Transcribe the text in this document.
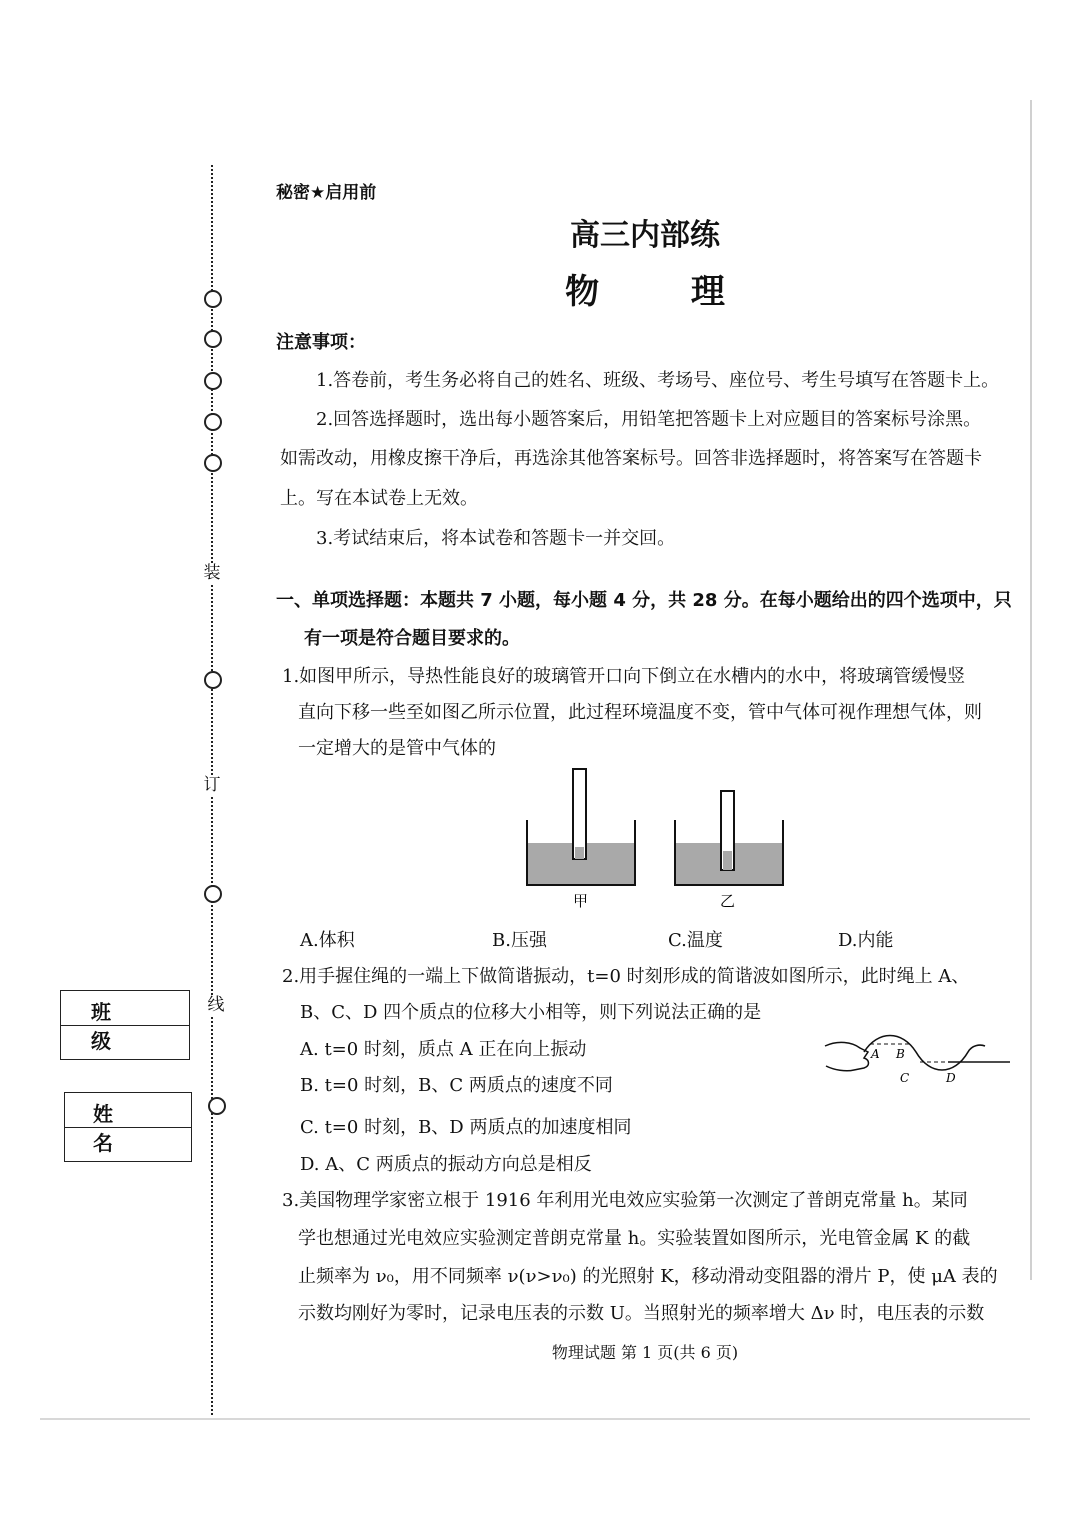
装
订
线
班 级
姓 名
秘密★启用前
高三内部练
物 理
注意事项：
1.答卷前，考生务必将自己的姓名、班级、考场号、座位号、考生号填写在答题卡上。
2.回答选择题时，选出每小题答案后，用铅笔把答题卡上对应题目的答案标号涂黑。
如需改动，用橡皮擦干净后，再选涂其他答案标号。回答非选择题时，将答案写在答题卡
上。写在本试卷上无效。
3.考试结束后，将本试卷和答题卡一并交回。
一、单项选择题：本题共 7 小题，每小题 4 分，共 28 分。在每小题给出的四个选项中，只
有一项是符合题目要求的。
1.如图甲所示，导热性能良好的玻璃管开口向下倒立在水槽内的水中，将玻璃管缓慢竖
直向下移一些至如图乙所示位置，此过程环境温度不变，管中气体可视作理想气体，则
一定增大的是管中气体的
甲	乙
A.体积	B.压强	C.温度	D.内能
2.用手握住绳的一端上下做简谐振动，t=0 时刻形成的简谐波如图所示，此时绳上 A、
B、C、D 四个质点的位移大小相等，则下列说法正确的是
A. t=0 时刻，质点 A 正在向上振动
B. t=0 时刻，B、C 两质点的速度不同
C. t=0 时刻，B、D 两质点的加速度相同
D. A、C 两质点的振动方向总是相反
A B
C	D
3.美国物理学家密立根于 1916 年利用光电效应实验第一次测定了普朗克常量 h。某同
学也想通过光电效应实验测定普朗克常量 h。实验装置如图所示，光电管金属 K 的截
止频率为 ν₀，用不同频率 ν(ν>ν₀) 的光照射 K，移动滑动变阻器的滑片 P，使 μA 表的
示数均刚好为零时，记录电压表的示数 U。当照射光的频率增大 Δν 时，电压表的示数
物理试题 第 1 页(共 6 页)
